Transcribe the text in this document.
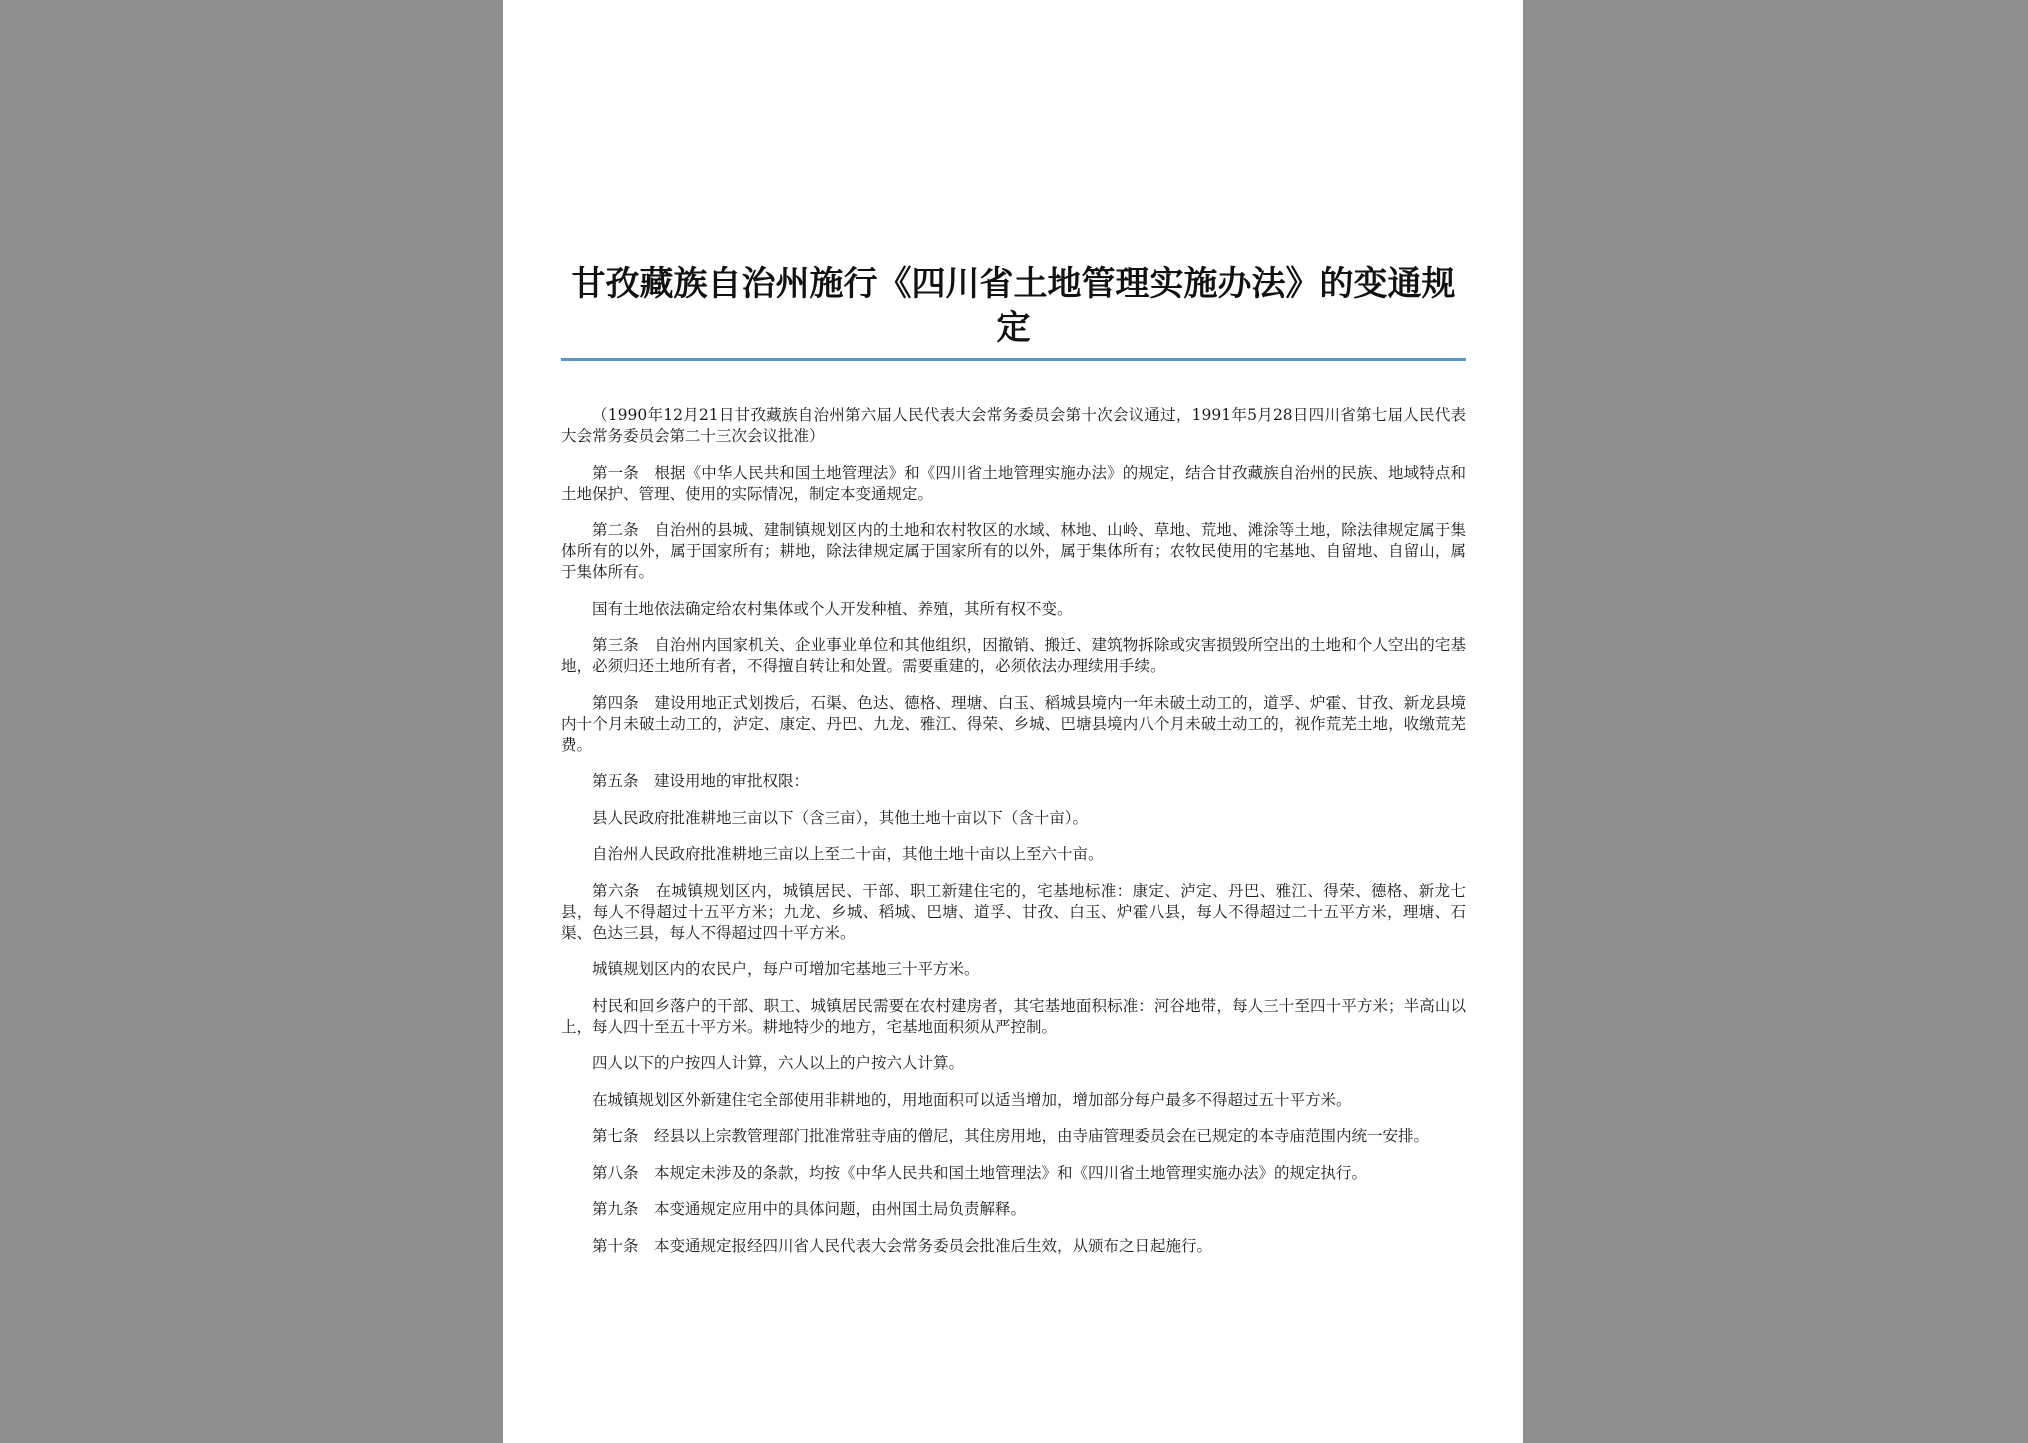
甘孜藏族自治州施行《四川省土地管理实施办法》的变通规定

（1990年12月21日甘孜藏族自治州第六届人民代表大会常务委员会第十次会议通过，1991年5月28日四川省第七届人民代表大会常务委员会第二十三次会议批准）

第一条　根据《中华人民共和国土地管理法》和《四川省土地管理实施办法》的规定，结合甘孜藏族自治州的民族、地域特点和土地保护、管理、使用的实际情况，制定本变通规定。

第二条　自治州的县城、建制镇规划区内的土地和农村牧区的水域、林地、山岭、草地、荒地、滩涂等土地，除法律规定属于集体所有的以外，属于国家所有；耕地，除法律规定属于国家所有的以外，属于集体所有；农牧民使用的宅基地、自留地、自留山，属于集体所有。

国有土地依法确定给农村集体或个人开发种植、养殖，其所有权不变。

第三条　自治州内国家机关、企业事业单位和其他组织，因撤销、搬迁、建筑物拆除或灾害损毁所空出的土地和个人空出的宅基地，必须归还土地所有者，不得擅自转让和处置。需要重建的，必须依法办理续用手续。

第四条　建设用地正式划拨后，石渠、色达、德格、理塘、白玉、稻城县境内一年未破土动工的，道孚、炉霍、甘孜、新龙县境内十个月未破土动工的，泸定、康定、丹巴、九龙、雅江、得荣、乡城、巴塘县境内八个月未破土动工的，视作荒芜土地，收缴荒芜费。

第五条　建设用地的审批权限：

县人民政府批准耕地三亩以下（含三亩），其他土地十亩以下（含十亩）。

自治州人民政府批准耕地三亩以上至二十亩，其他土地十亩以上至六十亩。

第六条　在城镇规划区内，城镇居民、干部、职工新建住宅的，宅基地标准：康定、泸定、丹巴、雅江、得荣、德格、新龙七县，每人不得超过十五平方米；九龙、乡城、稻城、巴塘、道孚、甘孜、白玉、炉霍八县，每人不得超过二十五平方米，理塘、石渠、色达三县，每人不得超过四十平方米。

城镇规划区内的农民户，每户可增加宅基地三十平方米。

村民和回乡落户的干部、职工、城镇居民需要在农村建房者，其宅基地面积标准：河谷地带，每人三十至四十平方米；半高山以上，每人四十至五十平方米。耕地特少的地方，宅基地面积须从严控制。

四人以下的户按四人计算，六人以上的户按六人计算。

在城镇规划区外新建住宅全部使用非耕地的，用地面积可以适当增加，增加部分每户最多不得超过五十平方米。

第七条　经县以上宗教管理部门批准常驻寺庙的僧尼，其住房用地，由寺庙管理委员会在已规定的本寺庙范围内统一安排。

第八条　本规定未涉及的条款，均按《中华人民共和国土地管理法》和《四川省土地管理实施办法》的规定执行。

第九条　本变通规定应用中的具体问题，由州国土局负责解释。

第十条　本变通规定报经四川省人民代表大会常务委员会批准后生效，从颁布之日起施行。
